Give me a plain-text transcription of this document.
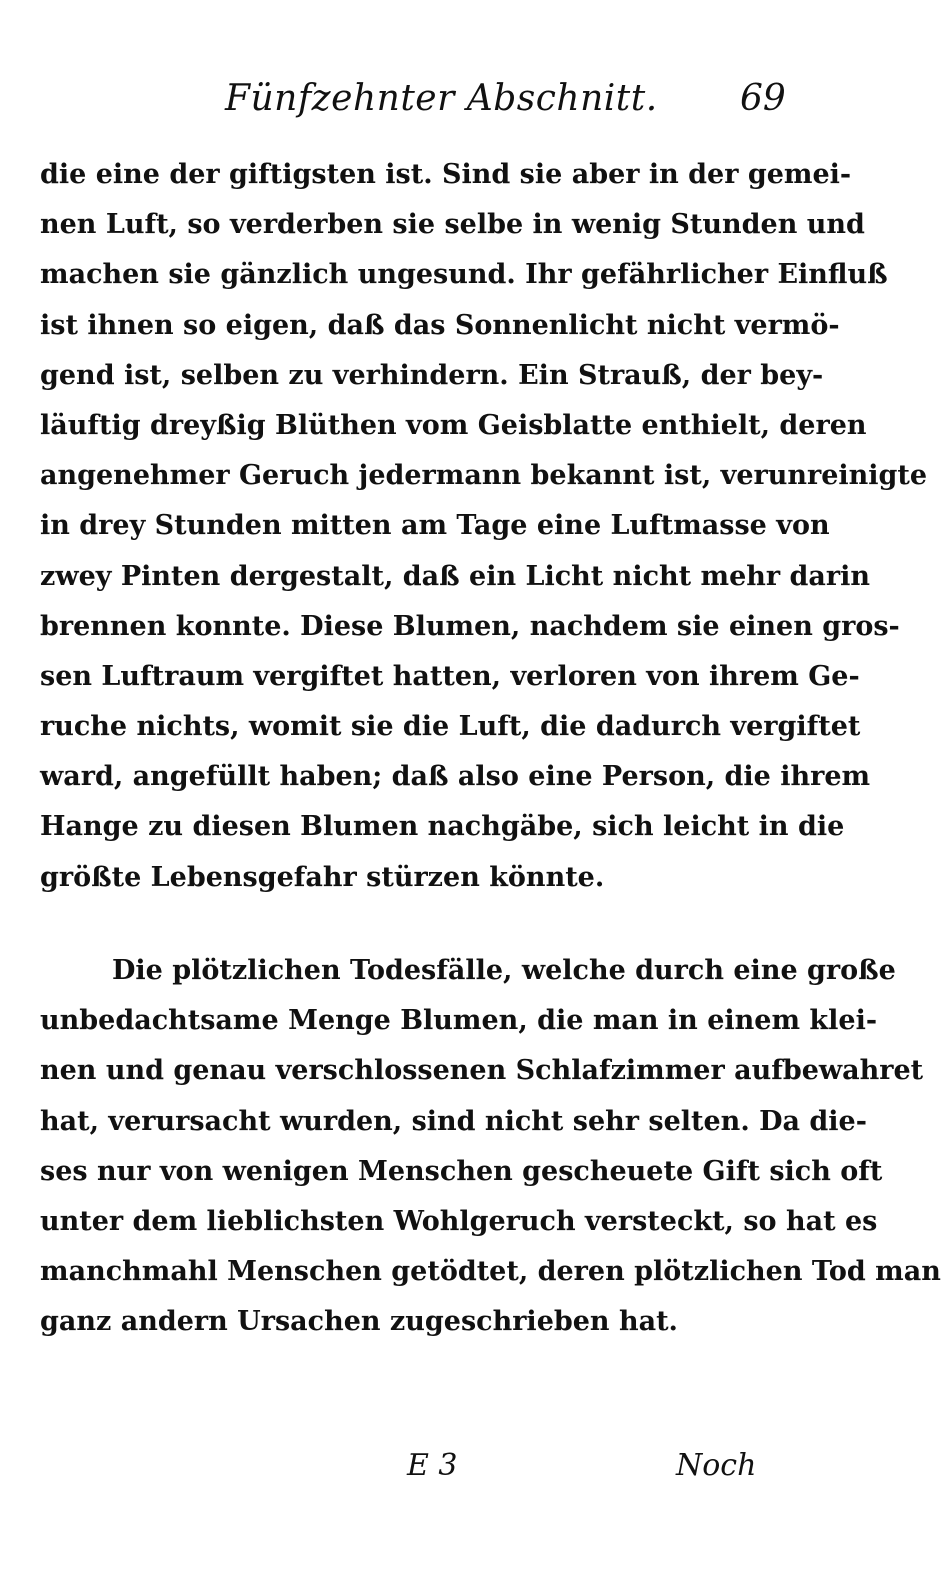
Fünfzehnter Abschnitt. 69
die eine der giftigsten ist. Sind sie aber in der gemei-
nen Luft, so verderben sie selbe in wenig Stunden und
machen sie gänzlich ungesund. Ihr gefährlicher Einfluß
ist ihnen so eigen, daß das Sonnenlicht nicht vermö-
gend ist, selben zu verhindern. Ein Strauß, der bey-
läuftig dreyßig Blüthen vom Geisblatte enthielt, deren
angenehmer Geruch jedermann bekannt ist, verunreinigte
in drey Stunden mitten am Tage eine Luftmasse von
zwey Pinten dergestalt, daß ein Licht nicht mehr darin
brennen konnte. Diese Blumen, nachdem sie einen gros-
sen Luftraum vergiftet hatten, verloren von ihrem Ge-
ruche nichts, womit sie die Luft, die dadurch vergiftet
ward, angefüllt haben; daß also eine Person, die ihrem
Hange zu diesen Blumen nachgäbe, sich leicht in die
größte Lebensgefahr stürzen könnte.
Die plötzlichen Todesfälle, welche durch eine große
unbedachtsame Menge Blumen, die man in einem klei-
nen und genau verschlossenen Schlafzimmer aufbewahret
hat, verursacht wurden, sind nicht sehr selten. Da die-
ses nur von wenigen Menschen gescheuete Gift sich oft
unter dem lieblichsten Wohlgeruch versteckt, so hat es
manchmahl Menschen getödtet, deren plötzlichen Tod man
ganz andern Ursachen zugeschrieben hat.
E 3	Noch
